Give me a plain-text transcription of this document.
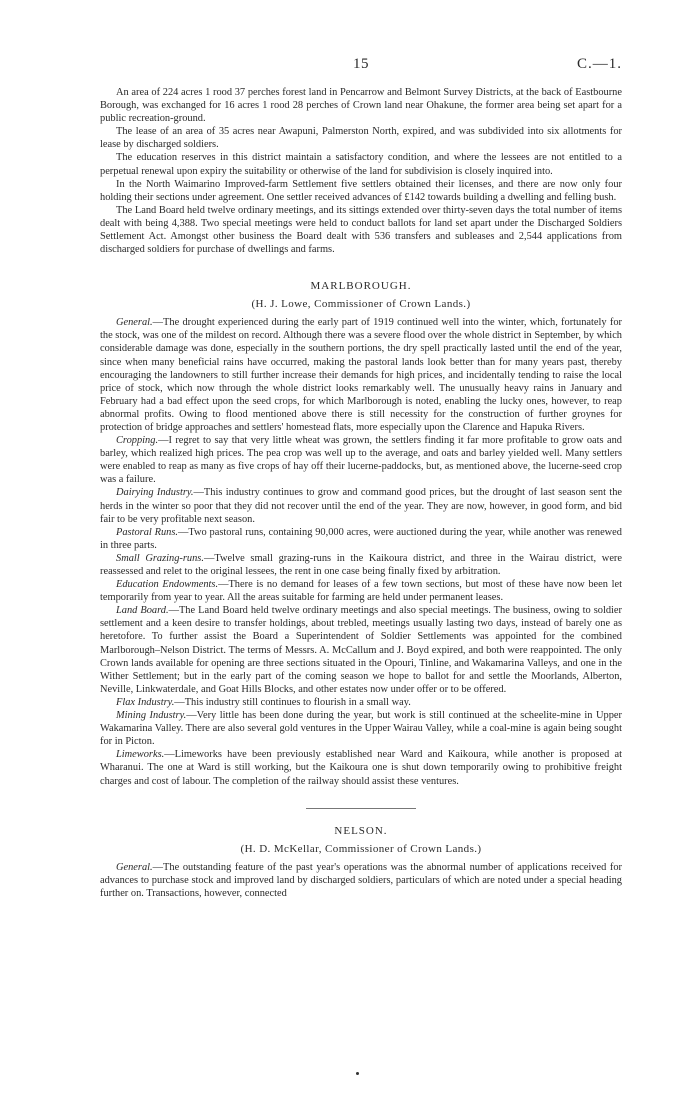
15	C.—1.

An area of 224 acres 1 rood 37 perches forest land in Pencarrow and Belmont Survey Districts, at the back of Eastbourne Borough, was exchanged for 16 acres 1 rood 28 perches of Crown land near Ohakune, the former area being set apart for a public recreation-ground.

The lease of an area of 35 acres near Awapuni, Palmerston North, expired, and was subdivided into six allotments for lease by discharged soldiers.

The education reserves in this district maintain a satisfactory condition, and where the lessees are not entitled to a perpetual renewal upon expiry the suitability or otherwise of the land for subdivision is closely inquired into.

In the North Waimarino Improved-farm Settlement five settlers obtained their licenses, and there are now only four holding their sections under agreement. One settler received advances of £142 towards building a dwelling and felling bush.

The Land Board held twelve ordinary meetings, and its sittings extended over thirty-seven days the total number of items dealt with being 4,388. Two special meetings were held to conduct ballots for land set apart under the Discharged Soldiers Settlement Act. Amongst other business the Board dealt with 536 transfers and subleases and 2,544 applications from discharged soldiers for purchase of dwellings and farms.

MARLBOROUGH.
(H. J. Lowe, Commissioner of Crown Lands.)

General.—The drought experienced during the early part of 1919 continued well into the winter, which, fortunately for the stock, was one of the mildest on record. Although there was a severe flood over the whole district in September, by which considerable damage was done, especially in the southern portions, the dry spell practically lasted until the end of the year, since when many beneficial rains have occurred, making the pastoral lands look better than for many years past, thereby encouraging the landowners to still further increase their demands for high prices, and incidentally tending to raise the local price of stock, which now through the whole district looks remarkably well. The unusually heavy rains in January and February had a bad effect upon the seed crops, for which Marlborough is noted, enabling the lucky ones, however, to reap abnormal profits. Owing to flood mentioned above there is still necessity for the construction of further groynes for protection of bridge approaches and settlers' homestead flats, more especially upon the Clarence and Hapuka Rivers.

Cropping.—I regret to say that very little wheat was grown, the settlers finding it far more profitable to grow oats and barley, which realized high prices. The pea crop was well up to the average, and oats and barley yielded well. Many settlers were enabled to reap as many as five crops of hay off their lucerne-paddocks, but, as mentioned above, the lucerne-seed crop was a failure.

Dairying Industry.—This industry continues to grow and command good prices, but the drought of last season sent the herds in the winter so poor that they did not recover until the end of the year. They are now, however, in good form, and bid fair to be very profitable next season.

Pastoral Runs.—Two pastoral runs, containing 90,000 acres, were auctioned during the year, while another was renewed in three parts.

Small Grazing-runs.—Twelve small grazing-runs in the Kaikoura district, and three in the Wairau district, were reassessed and relet to the original lessees, the rent in one case being finally fixed by arbitration.

Education Endowments.—There is no demand for leases of a few town sections, but most of these have now been let temporarily from year to year. All the areas suitable for farming are held under permanent leases.

Land Board.—The Land Board held twelve ordinary meetings and also special meetings. The business, owing to soldier settlement and a keen desire to transfer holdings, about trebled, meetings usually lasting two days, instead of barely one as heretofore. To further assist the Board a Superintendent of Soldier Settlements was appointed for the combined Marlborough–Nelson District. The terms of Messrs. A. McCallum and J. Boyd expired, and both were reappointed. The only Crown lands available for opening are three sections situated in the Opouri, Tinline, and Wakamarina Valleys, and one in the Wither Settlement; but in the early part of the coming season we hope to ballot for and settle the Moorlands, Alberton, Neville, Linkwaterdale, and Goat Hills Blocks, and other estates now under offer or to be offered.

Flax Industry.—This industry still continues to flourish in a small way.

Mining Industry.—Very little has been done during the year, but work is still continued at the scheelite-mine in Upper Wakamarina Valley. There are also several gold ventures in the Upper Wairau Valley, while a coal-mine is again being sought for in Picton.

Limeworks.—Limeworks have been previously established near Ward and Kaikoura, while another is proposed at Wharanui. The one at Ward is still working, but the Kaikoura one is shut down temporarily owing to prohibitive freight charges and cost of labour. The completion of the railway should assist these ventures.

NELSON.
(H. D. McKellar, Commissioner of Crown Lands.)

General.—The outstanding feature of the past year's operations was the abnormal number of applications received for advances to purchase stock and improved land by discharged soldiers, particulars of which are noted under a special heading further on. Transactions, however, connected
